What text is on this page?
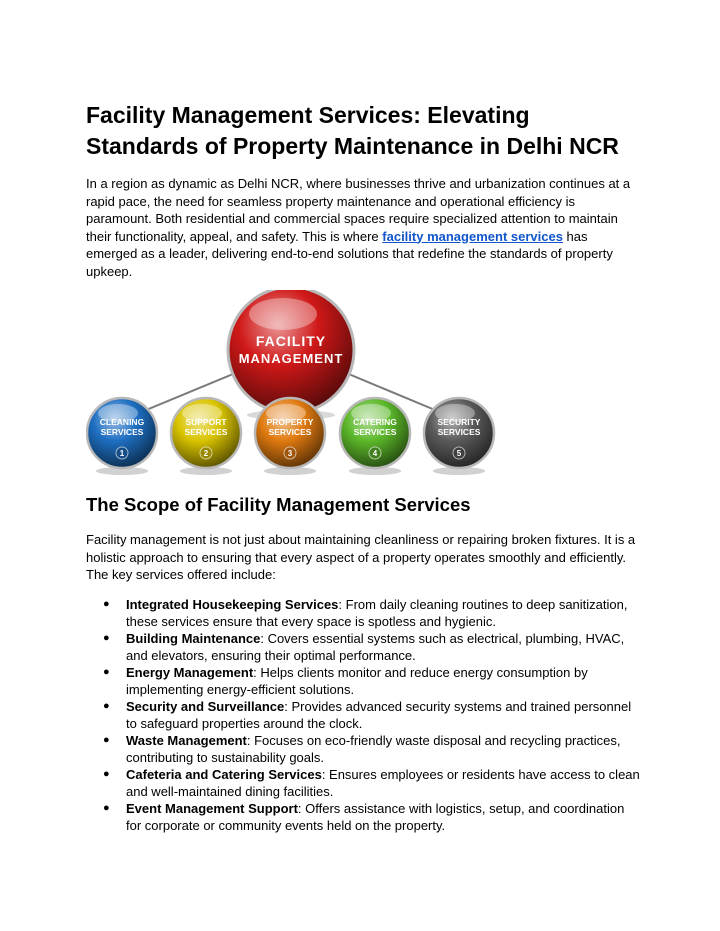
Facility Management Services: Elevating Standards of Property Maintenance in Delhi NCR

In a region as dynamic as Delhi NCR, where businesses thrive and urbanization continues at a rapid pace, the need for seamless property maintenance and operational efficiency is paramount. Both residential and commercial spaces require specialized attention to maintain their functionality, appeal, and safety. This is where facility management services has emerged as a leader, delivering end-to-end solutions that redefine the standards of property upkeep.

FACILITY
MANAGEMENT
CLEANING
SERVICES
1
SUPPORT
SERVICES
2
PROPERTY
SERVICES
3
CATERING
SERVICES
4
SECURITY
SERVICES
5
The Scope of Facility Management Services

Facility management is not just about maintaining cleanliness or repairing broken fixtures. It is a holistic approach to ensuring that every aspect of a property operates smoothly and efficiently. The key services offered include:

● Integrated Housekeeping Services: From daily cleaning routines to deep sanitization, these services ensure that every space is spotless and hygienic.
● Building Maintenance: Covers essential systems such as electrical, plumbing, HVAC, and elevators, ensuring their optimal performance.
● Energy Management: Helps clients monitor and reduce energy consumption by implementing energy-efficient solutions.
● Security and Surveillance: Provides advanced security systems and trained personnel to safeguard properties around the clock.
● Waste Management: Focuses on eco-friendly waste disposal and recycling practices, contributing to sustainability goals.
● Cafeteria and Catering Services: Ensures employees or residents have access to clean and well-maintained dining facilities.
● Event Management Support: Offers assistance with logistics, setup, and coordination for corporate or community events held on the property.
